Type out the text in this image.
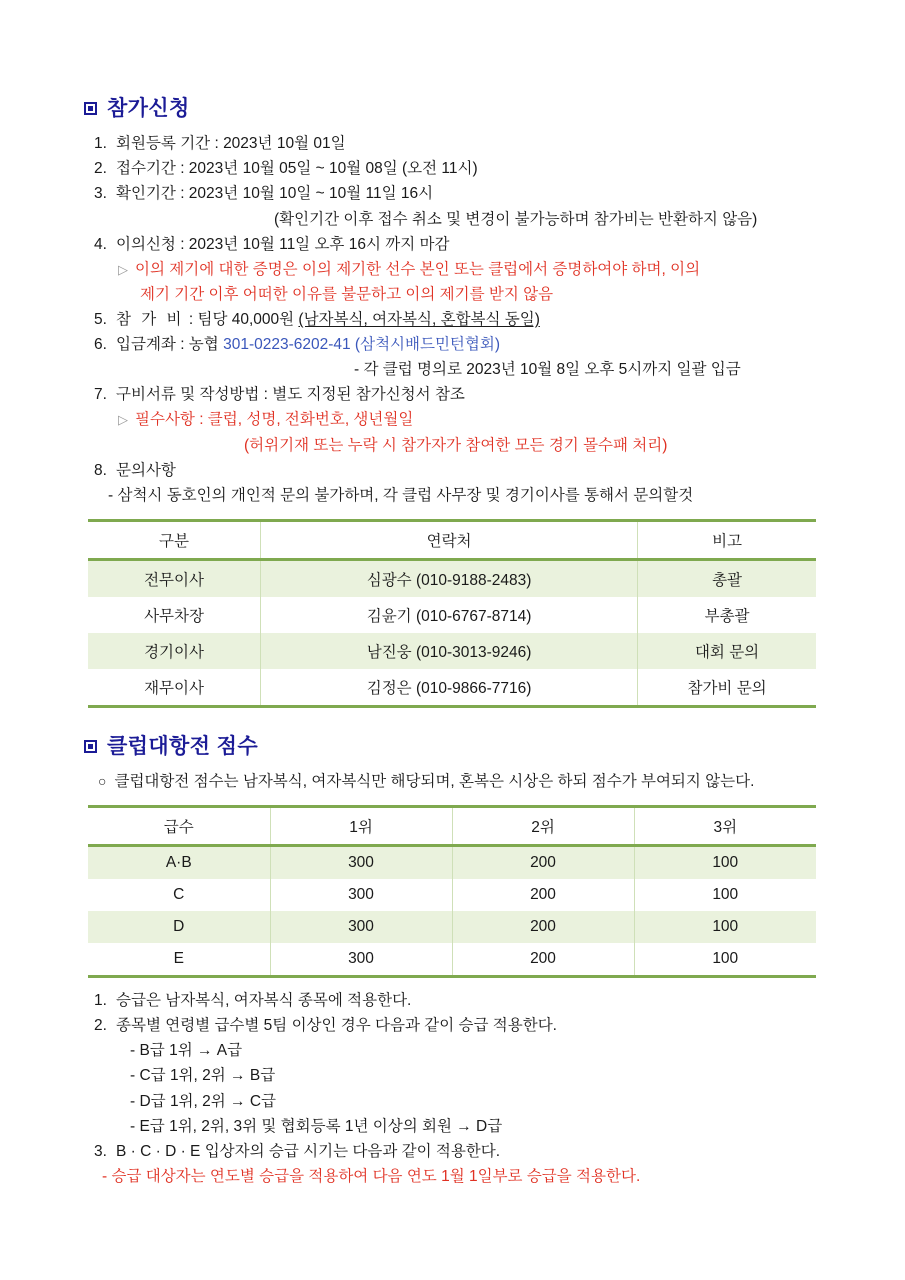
참가신청
1. 회원등록 기간 : 2023년 10월 01일
2. 접수기간 : 2023년 10월 05일 ~ 10월 08일 (오전 11시)
3. 확인기간 : 2023년 10월 10일 ~ 10월 11일 16시
(확인기간 이후 접수 취소 및 변경이 불가능하며 참가비는 반환하지 않음)
4. 이의신청 : 2023년 10월 11일 오후 16시 까지 마감
▷ 이의 제기에 대한 증명은 이의 제기한 선수 본인 또는 클럽에서 증명하여야 하며, 이의
제기 기간 이후 어떠한 이유를 불문하고 이의 제기를 받지 않음
5. 참 가 비 : 팀당 40,000원 (남자복식, 여자복식, 혼합복식 동일)
6. 입금계좌 : 농협 301-0223-6202-41 (삼척시배드민턴협회)
- 각 클럽 명의로 2023년 10월 8일 오후 5시까지 일괄 입금
7. 구비서류 및 작성방법 : 별도 지정된 참가신청서 참조
▷ 필수사항 : 클럽, 성명, 전화번호, 생년월일
(허위기재 또는 누락 시 참가자가 참여한 모든 경기 몰수패 처리)
8. 문의사항
- 삼척시 동호인의 개인적 문의 불가하며, 각 클럽 사무장 및 경기이사를 통해서 문의할것
구분	연락처	비고
전무이사	심광수 (010-9188-2483)	총괄
사무차장	김윤기 (010-6767-8714)	부총괄
경기이사	남진웅 (010-3013-9246)	대회 문의
재무이사	김정은 (010-9866-7716)	참가비 문의
클럽대항전 점수
○ 클럽대항전 점수는 남자복식, 여자복식만 해당되며, 혼복은 시상은 하되 점수가 부여되지 않는다.
급수	1위	2위	3위
A·B	300	200	100
C	300	200	100
D	300	200	100
E	300	200	100
1. 승급은 남자복식, 여자복식 종목에 적용한다.
2. 종목별 연령별 급수별 5팀 이상인 경우 다음과 같이 승급 적용한다.
- B급 1위 → A급
- C급 1위, 2위 → B급
- D급 1위, 2위 → C급
- E급 1위, 2위, 3위 및 협회등록 1년 이상의 회원 → D급
3. B · C · D · E 입상자의 승급 시기는 다음과 같이 적용한다.
- 승급 대상자는 연도별 승급을 적용하여 다음 연도 1월 1일부로 승급을 적용한다.
